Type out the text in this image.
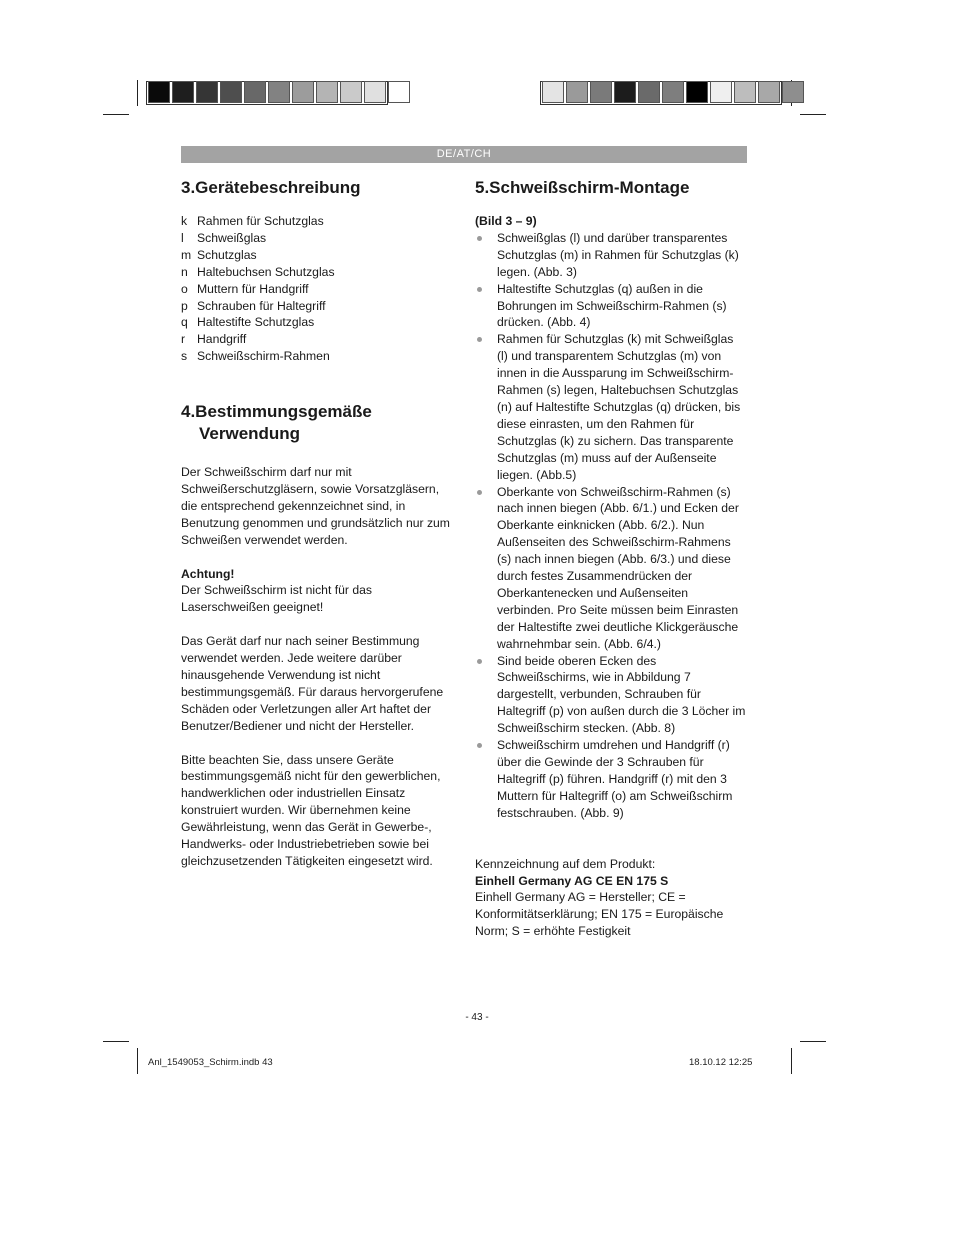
DE/AT/CH
3.Gerätebeschreibung
k Rahmen für Schutzglas
l	Schweißglas
m Schutzglas
n Haltebuchsen Schutzglas
o Muttern für Handgriff
p Schrauben für Haltegriff
q Haltestifte Schutzglas
r Handgriff
s Schweißschirm-Rahmen
4.Bestimmungsgemäße
Verwendung

Der Schweißschirm darf nur mit Schweißerschutzgläsern, sowie Vorsatzgläsern, die entsprechend gekennzeichnet sind, in Benutzung genommen und grundsätzlich nur zum Schweißen verwendet werden.

Achtung!

Der Schweißschirm ist nicht für das Laserschweißen geeignet!

Das Gerät darf nur nach seiner Bestimmung verwendet werden. Jede weitere darüber hinausgehende Verwendung ist nicht bestimmungsgemäß. Für daraus hervorgerufene Schäden oder Verletzungen aller Art haftet der Benutzer/Bediener und nicht der Hersteller.

Bitte beachten Sie, dass unsere Geräte bestimmungsgemäß nicht für den gewerblichen, handwerklichen oder industriellen Einsatz konstruiert wurden. Wir übernehmen keine Gewährleistung, wenn das Gerät in Gewerbe-, Handwerks- oder Industriebetrieben sowie bei gleichzusetzenden Tätigkeiten eingesetzt wird.

5.Schweißschirm-Montage

(Bild 3 – 9)

Schweißglas (l) und darüber transparentes Schutzglas (m) in Rahmen für Schutzglas (k) legen. (Abb. 3)
Haltestifte Schutzglas (q) außen in die Bohrungen im Schweißschirm-Rahmen (s) drücken. (Abb. 4)
Rahmen für Schutzglas (k) mit Schweißglas (l) und transparentem Schutzglas (m) von innen in die Aussparung im Schweißschirm-Rahmen (s) legen, Haltebuchsen Schutzglas (n) auf Haltestifte Schutzglas (q) drücken, bis diese einrasten, um den Rahmen für Schutzglas (k) zu sichern. Das transparente Schutzglas (m) muss auf der Außenseite liegen. (Abb.5)
Oberkante von Schweißschirm-Rahmen (s) nach innen biegen (Abb. 6/1.) und Ecken der Oberkante einknicken (Abb. 6/2.). Nun Außenseiten des Schweißschirm-Rahmens (s) nach innen biegen (Abb. 6/3.) und diese durch festes Zusammendrücken der Oberkantenecken und Außenseiten verbinden. Pro Seite müssen beim Einrasten der Haltestifte zwei deutliche Klickgeräusche wahrnehmbar sein. (Abb. 6/4.)
Sind beide oberen Ecken des Schweißschirms, wie in Abbildung 7 dargestellt, verbunden, Schrauben für Haltegriff (p) von außen durch die 3 Löcher im Schweißschirm stecken. (Abb. 8)
Schweißschirm umdrehen und Handgriff (r) über die Gewinde der 3 Schrauben für Haltegriff (p) führen. Handgriff (r) mit den 3 Muttern für Haltegriff (o) am Schweißschirm festschrauben. (Abb. 9)

Kennzeichnung auf dem Produkt:

Einhell Germany AG CE EN 175 S

Einhell Germany AG = Hersteller; CE = Konformitätserklärung; EN 175 = Europäische Norm; S = erhöhte Festigkeit

- 43 -
Anl_1549053_Schirm.indb 43	18.10.12 12:25
